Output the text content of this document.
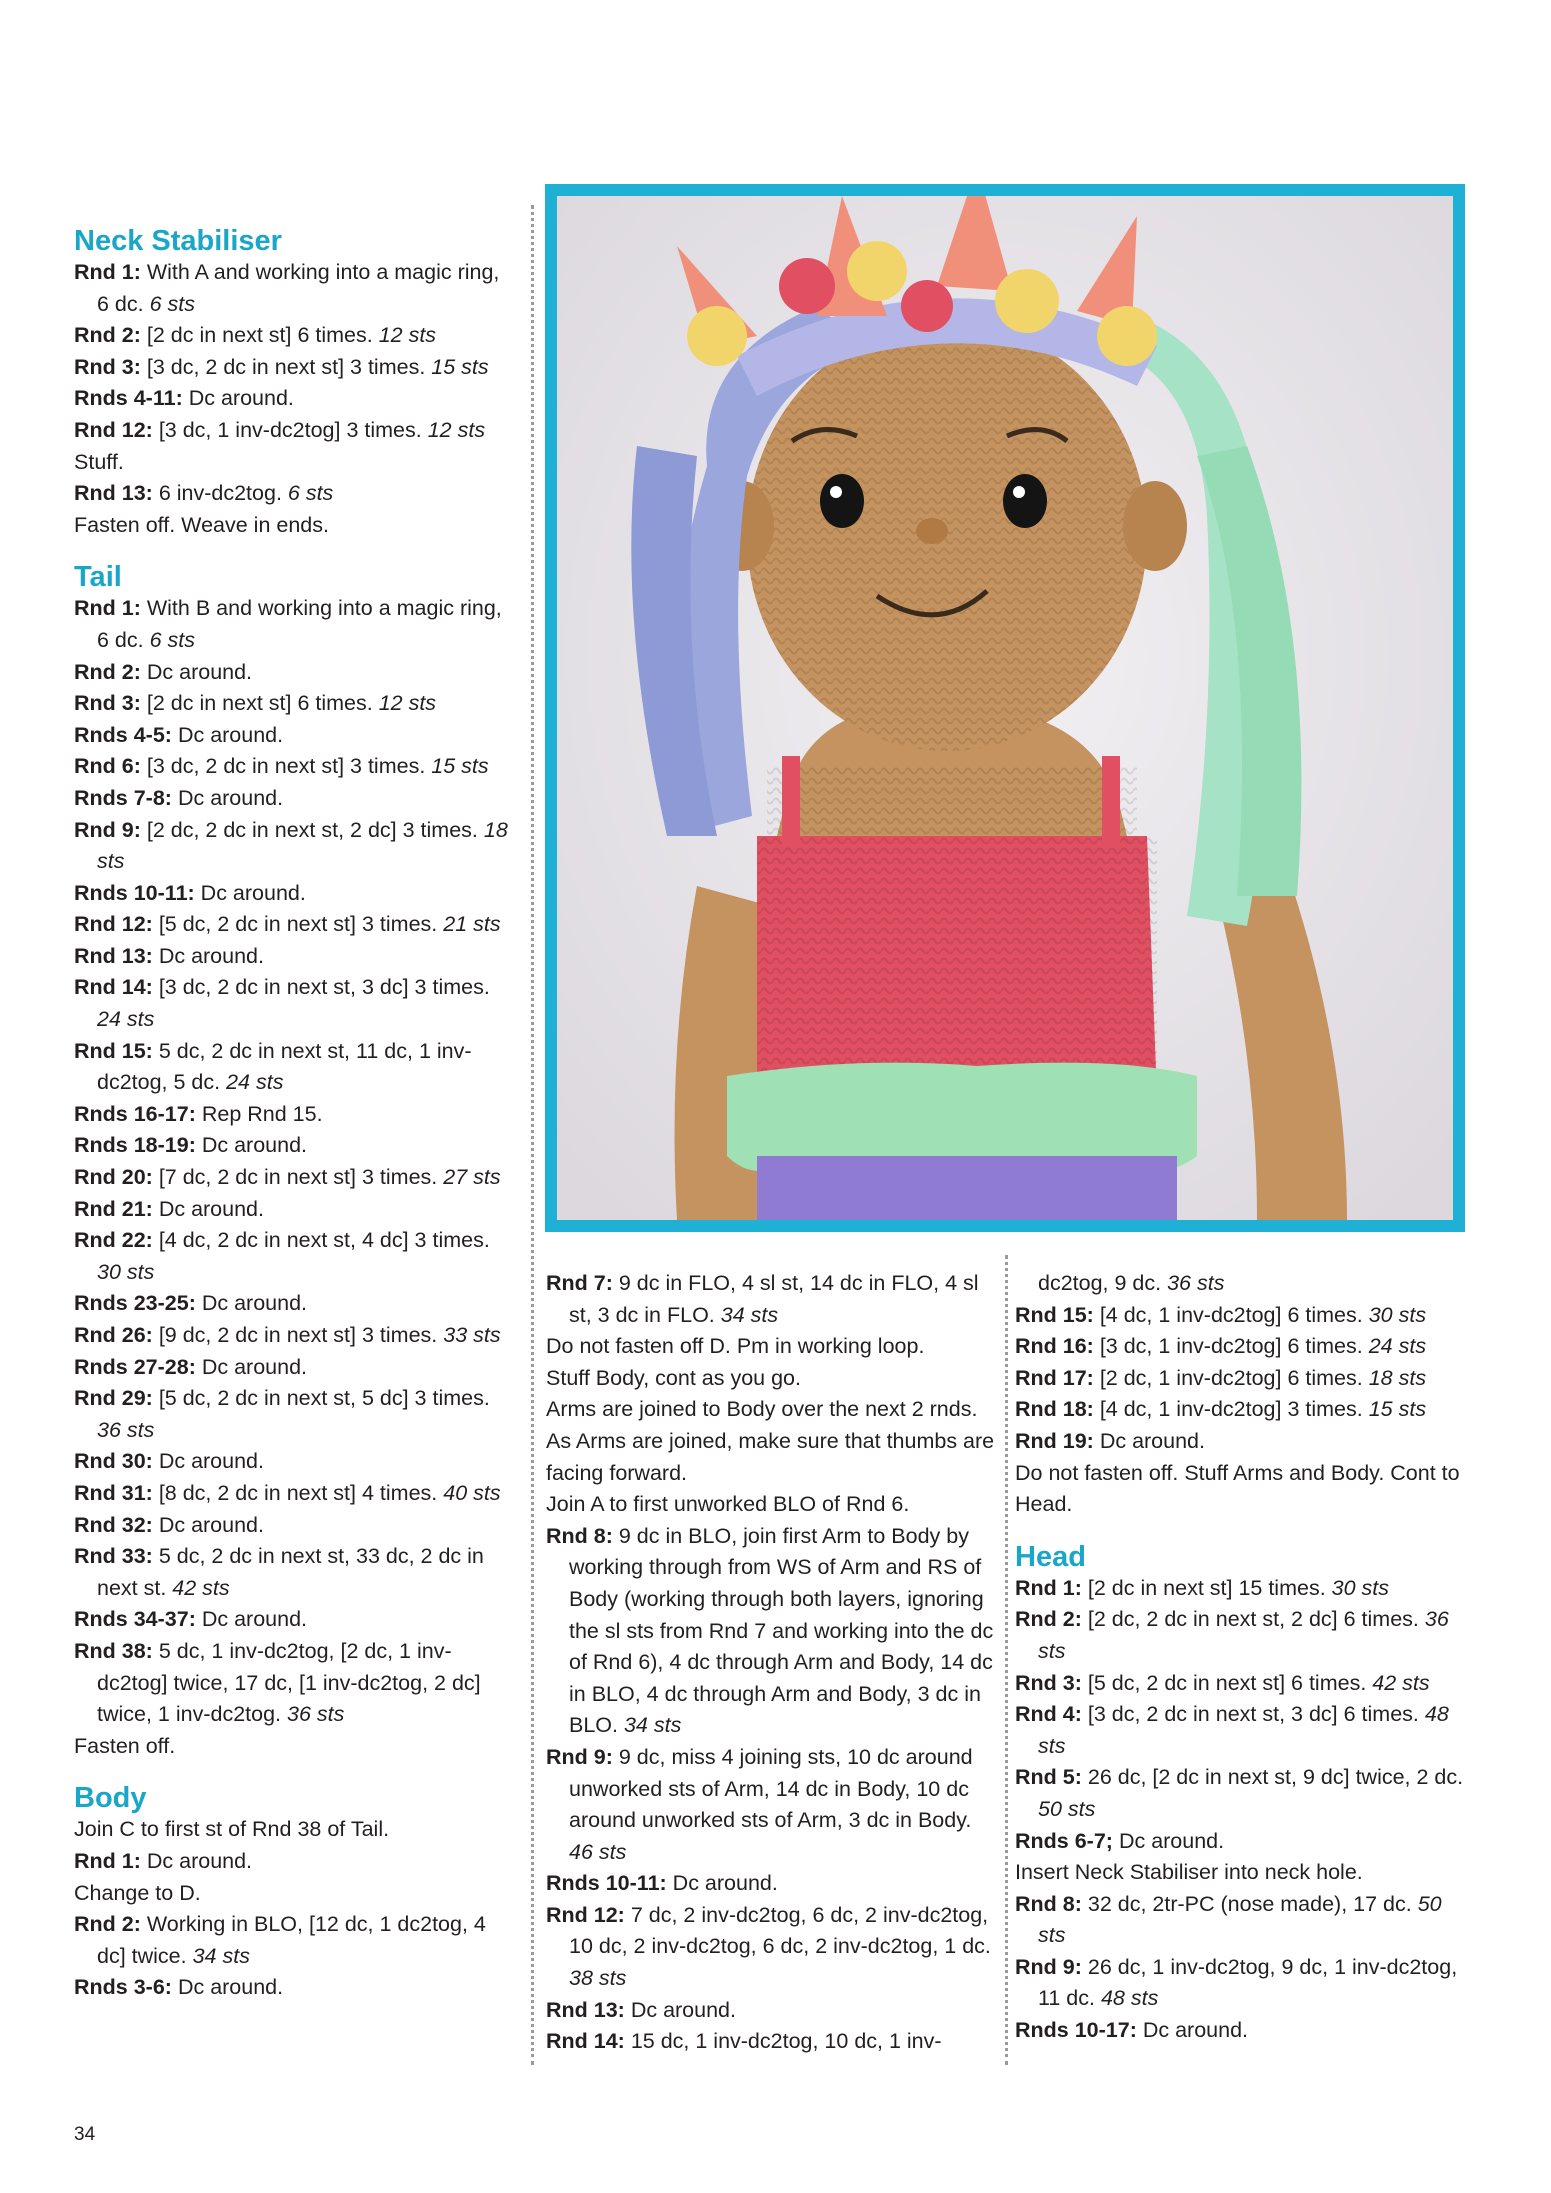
Neck Stabiliser

Rnd 1: With A and working into a magic ring, 6 dc. 6 sts

Rnd 2: [2 dc in next st] 6 times. 12 sts

Rnd 3: [3 dc, 2 dc in next st] 3 times. 15 sts

Rnds 4-11: Dc around.

Rnd 12: [3 dc, 1 inv-dc2tog] 3 times. 12 sts

Stuff.

Rnd 13: 6 inv-dc2tog. 6 sts

Fasten off. Weave in ends.

Tail

Rnd 1: With B and working into a magic ring, 6 dc. 6 sts

Rnd 2: Dc around.

Rnd 3: [2 dc in next st] 6 times. 12 sts

Rnds 4-5: Dc around.

Rnd 6: [3 dc, 2 dc in next st] 3 times. 15 sts

Rnds 7-8: Dc around.

Rnd 9: [2 dc, 2 dc in next st, 2 dc] 3 times. 18 sts

Rnds 10-11: Dc around.

Rnd 12: [5 dc, 2 dc in next st] 3 times. 21 sts

Rnd 13: Dc around.

Rnd 14: [3 dc, 2 dc in next st, 3 dc] 3 times. 24 sts

Rnd 15: 5 dc, 2 dc in next st, 11 dc, 1 inv-dc2tog, 5 dc. 24 sts

Rnds 16-17: Rep Rnd 15.

Rnds 18-19: Dc around.

Rnd 20: [7 dc, 2 dc in next st] 3 times. 27 sts

Rnd 21: Dc around.

Rnd 22: [4 dc, 2 dc in next st, 4 dc] 3 times. 30 sts

Rnds 23-25: Dc around.

Rnd 26: [9 dc, 2 dc in next st] 3 times. 33 sts

Rnds 27-28: Dc around.

Rnd 29: [5 dc, 2 dc in next st, 5 dc] 3 times. 36 sts

Rnd 30: Dc around.

Rnd 31: [8 dc, 2 dc in next st] 4 times. 40 sts

Rnd 32: Dc around.

Rnd 33: 5 dc, 2 dc in next st, 33 dc, 2 dc in next st. 42 sts

Rnds 34-37: Dc around.

Rnd 38: 5 dc, 1 inv-dc2tog, [2 dc, 1 inv-dc2tog] twice, 17 dc, [1 inv-dc2tog, 2 dc] twice, 1 inv-dc2tog. 36 sts

Fasten off.

Body

Join C to first st of Rnd 38 of Tail.

Rnd 1: Dc around.

Change to D.

Rnd 2: Working in BLO, [12 dc, 1 dc2tog, 4 dc] twice. 34 sts

Rnds 3-6: Dc around.

Rnd 7: 9 dc in FLO, 4 sl st, 14 dc in FLO, 4 sl st, 3 dc in FLO. 34 sts

Do not fasten off D. Pm in working loop.

Stuff Body, cont as you go.

Arms are joined to Body over the next 2 rnds. As Arms are joined, make sure that thumbs are facing forward.

Join A to first unworked BLO of Rnd 6.

Rnd 8: 9 dc in BLO, join first Arm to Body by working through from WS of Arm and RS of Body (working through both layers, ignoring the sl sts from Rnd 7 and working into the dc of Rnd 6), 4 dc through Arm and Body, 14 dc in BLO, 4 dc through Arm and Body, 3 dc in BLO. 34 sts

Rnd 9: 9 dc, miss 4 joining sts, 10 dc around unworked sts of Arm, 14 dc in Body, 10 dc around unworked sts of Arm, 3 dc in Body. 46 sts

Rnds 10-11: Dc around.

Rnd 12: 7 dc, 2 inv-dc2tog, 6 dc, 2 inv-dc2tog, 10 dc, 2 inv-dc2tog, 6 dc, 2 inv-dc2tog, 1 dc. 38 sts

Rnd 13: Dc around.

Rnd 14: 15 dc, 1 inv-dc2tog, 10 dc, 1 inv-

dc2tog, 9 dc. 36 sts

Rnd 15: [4 dc, 1 inv-dc2tog] 6 times. 30 sts

Rnd 16: [3 dc, 1 inv-dc2tog] 6 times. 24 sts

Rnd 17: [2 dc, 1 inv-dc2tog] 6 times. 18 sts

Rnd 18: [4 dc, 1 inv-dc2tog] 3 times. 15 sts

Rnd 19: Dc around.

Do not fasten off. Stuff Arms and Body. Cont to Head.

Head

Rnd 1: [2 dc in next st] 15 times. 30 sts

Rnd 2: [2 dc, 2 dc in next st, 2 dc] 6 times. 36 sts

Rnd 3: [5 dc, 2 dc in next st] 6 times. 42 sts

Rnd 4: [3 dc, 2 dc in next st, 3 dc] 6 times. 48 sts

Rnd 5: 26 dc, [2 dc in next st, 9 dc] twice, 2 dc. 50 sts

Rnds 6-7; Dc around.

Insert Neck Stabiliser into neck hole.

Rnd 8: 32 dc, 2tr-PC (nose made), 17 dc. 50 sts

Rnd 9: 26 dc, 1 inv-dc2tog, 9 dc, 1 inv-dc2tog, 11 dc. 48 sts

Rnds 10-17: Dc around.

34
